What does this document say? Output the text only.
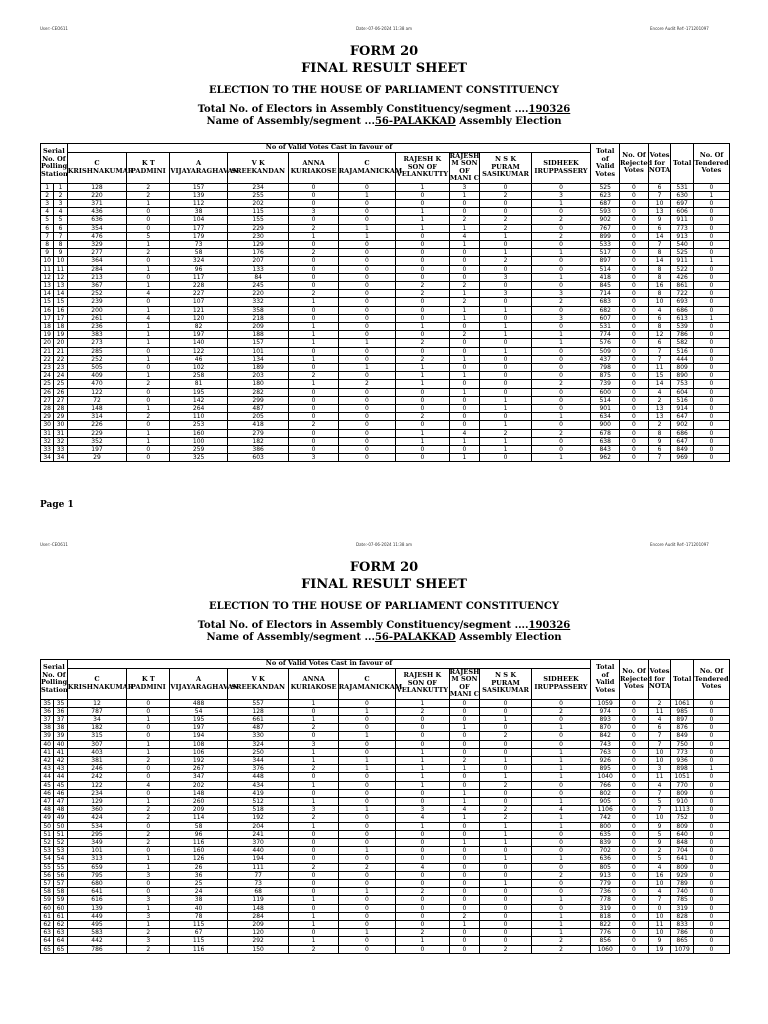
User:-CEO611	Date:-07-06-2024 11:38 am	Encore Audit Ref:-171201097
FORM 20
FINAL RESULT SHEET
ELECTION TO THE HOUSE OF PARLIAMENT CONSTITUENCY
Total No. of Electors in Assembly Constituency/segment ....190326
Name of Assembly/segment ...56-PALAKKAD Assembly Election
Serial No. Of Polling Station		No of Valid Votes Cast in favour of										Total of Valid Votes	No. Of Rejected Votes	Votes for NOTA	Total	No. Of Tendered Votes
		C KRISHNAKUMAR	K T PADMINI	A VIJAYARAGHAVAN	V K SREEKANDAN	ANNA KURIAKOSE	C RAJAMANICKAM	RAJESH K SON OF VELANKUTTY	RAJESH M SON OF MANI C	N S K PURAM SASIKUMAR	SIDHEEK IRUPPASSERY					
1	1	128	2	157	234	0	0	1	3	0	0	525	0	6	531	0
2	2	220	2	139	255	0	1	0	1	2	3	623	0	7	630	1
3	3	371	1	112	202	0	0	0	0	0	1	687	0	10	697	0
4	4	436	0	38	115	3	0	1	0	0	0	593	0	13	606	0
5	5	636	0	104	155	0	0	1	2	2	2	902	0	9	911	0
6	6	354	0	177	229	2	1	1	1	2	0	767	0	6	773	0
7	7	476	5	179	230	1	1	0	4	1	2	899	0	14	913	0
8	8	329	1	73	129	0	0	0	1	0	0	533	0	7	540	0
9	9	277	2	58	176	2	0	0	0	1	1	517	0	8	525	0
10	10	364	0	324	207	0	0	0	0	2	0	897	0	14	911	1
11	11	284	1	96	133	0	0	0	0	0	0	514	0	8	522	0
12	12	213	0	117	84	0	0	0	0	3	1	418	0	8	426	0
13	13	367	1	228	245	0	0	2	2	0	0	845	0	16	861	0
14	14	252	4	227	220	2	0	2	1	3	3	714	0	8	722	0
15	15	239	0	107	332	1	0	0	2	0	2	683	0	10	693	0
16	16	200	1	121	358	0	0	0	1	1	0	682	0	4	686	0
17	17	261	4	120	218	0	0	0	1	0	3	607	0	6	613	1
18	18	236	1	82	209	1	0	1	0	1	0	531	0	8	539	0
19	19	383	1	197	188	1	0	0	2	1	1	774	0	12	786	0
20	20	273	1	140	157	1	1	2	0	0	1	576	0	6	582	0
21	21	285	0	122	101	0	0	0	0	1	0	509	0	7	516	0
22	22	252	1	46	134	1	0	2	1	0	0	437	0	7	444	0
23	23	505	0	102	189	0	1	1	0	0	0	798	0	11	809	0
24	24	409	1	258	203	2	0	1	1	0	0	875	0	15	890	0
25	25	470	2	81	180	1	2	1	0	0	2	739	0	14	753	0
26	26	122	0	195	282	0	0	0	1	0	0	600	0	4	604	0
27	27	72	0	142	299	0	0	0	0	1	0	514	0	2	516	0
28	28	148	1	264	487	0	0	0	0	1	0	901	0	13	914	0
29	29	314	2	110	205	0	0	2	0	0	1	634	0	13	647	0
30	30	226	0	253	418	2	0	0	0	1	0	900	0	2	902	0
31	31	229	1	160	279	0	0	1	4	2	2	678	0	8	686	0
32	32	352	1	100	182	0	0	1	1	1	0	638	0	9	647	0
33	33	197	0	259	386	0	0	0	0	1	0	843	0	6	849	0
34	34	29	0	325	603	3	0	0	1	0	1	962	0	7	969	0
Page 1
User:-CEO611	Date:-07-06-2024 11:38 am	Encore Audit Ref:-171201097
FORM 20
FINAL RESULT SHEET
ELECTION TO THE HOUSE OF PARLIAMENT CONSTITUENCY
Total No. of Electors in Assembly Constituency/segment ....190326
Name of Assembly/segment ...56-PALAKKAD Assembly Election
Serial No. Of Polling Station		No of Valid Votes Cast in favour of										Total of Valid Votes	No. Of Rejected Votes	Votes for NOTA	Total	No. Of Tendered Votes
		C KRISHNAKUMAR	K T PADMINI	A VIJAYARAGHAVAN	V K SREEKANDAN	ANNA KURIAKOSE	C RAJAMANICKAM	RAJESH K SON OF VELANKUTTY	RAJESH M SON OF MANI C	N S K PURAM SASIKUMAR	SIDHEEK IRUPPASSERY					
35	35	12	0	488	557	1	0	1	0	0	0	1059	0	2	1061	0
36	36	787	0	54	128	0	1	2	0	0	2	974	0	11	985	0
37	37	34	1	195	661	1	0	0	0	1	0	893	0	4	897	0
38	38	182	0	197	487	2	0	0	1	0	1	870	0	6	876	0
39	39	315	0	194	330	0	1	0	0	2	0	842	0	7	849	0
40	40	307	1	108	324	3	0	0	0	0	0	743	0	7	750	0
41	41	403	1	106	250	1	0	1	0	0	1	763	0	10	773	0
42	42	381	2	192	344	1	1	1	2	1	1	926	0	10	936	0
43	43	246	0	267	376	2	1	1	1	0	1	895	0	3	898	1
44	44	242	0	347	448	0	0	1	0	1	1	1040	0	11	1051	0
45	45	122	4	202	434	1	0	1	0	2	0	766	0	4	770	0
46	46	234	0	148	419	0	0	0	1	0	0	802	0	7	809	0
47	47	129	1	260	512	1	0	0	1	0	1	905	0	5	910	0
48	48	360	2	209	518	3	1	3	4	2	4	1106	0	7	1113	0
49	49	424	2	114	192	2	0	4	1	2	1	742	0	10	752	0
50	50	534	0	58	204	1	0	1	0	1	1	800	0	9	809	0
51	51	295	2	96	241	0	0	0	0	1	0	635	0	5	640	0
52	52	349	2	116	370	0	0	0	1	1	0	839	0	9	848	0
53	53	101	0	160	440	0	1	0	0	0	0	702	0	2	704	0
54	54	313	1	126	194	0	0	0	0	1	1	636	0	5	641	0
55	55	659	1	26	111	2	2	4	0	0	0	805	0	4	809	0
56	56	795	3	36	77	0	0	0	0	0	2	913	0	16	929	0
57	57	680	0	25	73	0	0	0	0	1	0	779	0	10	789	0
58	58	641	0	24	68	0	1	2	0	0	0	736	0	4	740	0
59	59	616	3	38	119	1	0	0	0	0	1	778	0	7	785	0
60	60	139	1	40	148	0	0	0	0	0	0	319	0	0	319	0
61	61	449	3	78	284	1	0	0	2	0	1	818	0	10	828	0
62	62	495	1	115	209	1	0	0	1	0	1	822	0	11	833	0
63	63	583	2	67	120	0	1	2	0	0	1	776	0	10	786	0
64	64	442	3	115	292	1	0	1	0	0	2	856	0	9	865	0
65	65	786	2	116	150	2	0	0	0	2	2	1060	0	19	1079	0
